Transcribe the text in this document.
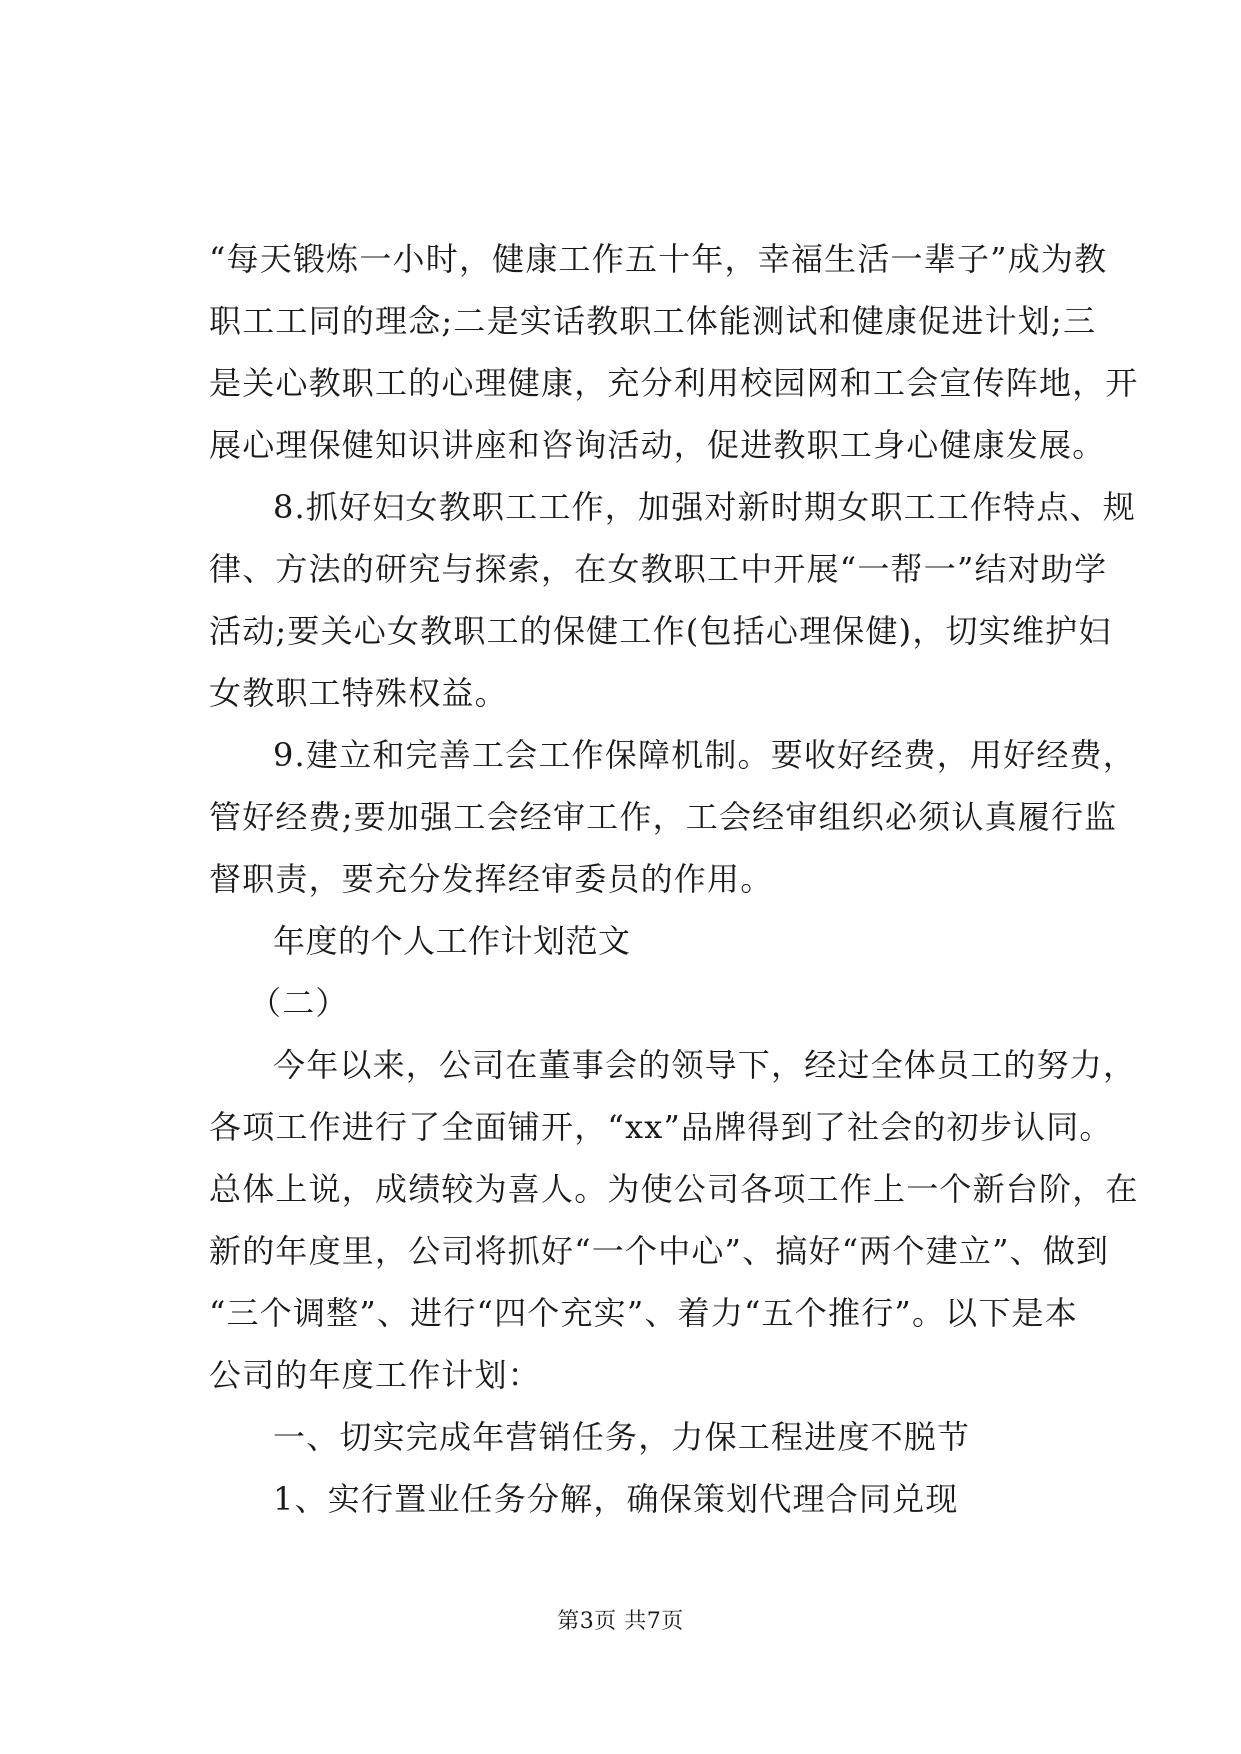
“每天锻炼一小时，健康工作五十年，幸福生活一辈子”成为教
职工工同的理念;二是实话教职工体能测试和健康促进计划;三
是关心教职工的心理健康，充分利用校园网和工会宣传阵地，开
展心理保健知识讲座和咨询活动，促进教职工身心健康发展。
8.抓好妇女教职工工作，加强对新时期女职工工作特点、规
律、方法的研究与探索，在女教职工中开展“一帮一”结对助学
活动;要关心女教职工的保健工作(包括心理保健)，切实维护妇
女教职工特殊权益。
9.建立和完善工会工作保障机制。要收好经费，用好经费，
管好经费;要加强工会经审工作，工会经审组织必须认真履行监
督职责，要充分发挥经审委员的作用。
年度的个人工作计划范文
（二）
今年以来，公司在董事会的领导下，经过全体员工的努力，
各项工作进行了全面铺开，“xx”品牌得到了社会的初步认同。
总体上说，成绩较为喜人。为使公司各项工作上一个新台阶，在
新的年度里，公司将抓好“一个中心”、搞好“两个建立”、做到
“三个调整”、进行“四个充实”、着力“五个推行”。以下是本
公司的年度工作计划：
一、切实完成年营销任务，力保工程进度不脱节
1、实行置业任务分解，确保策划代理合同兑现
第3页 共7页
